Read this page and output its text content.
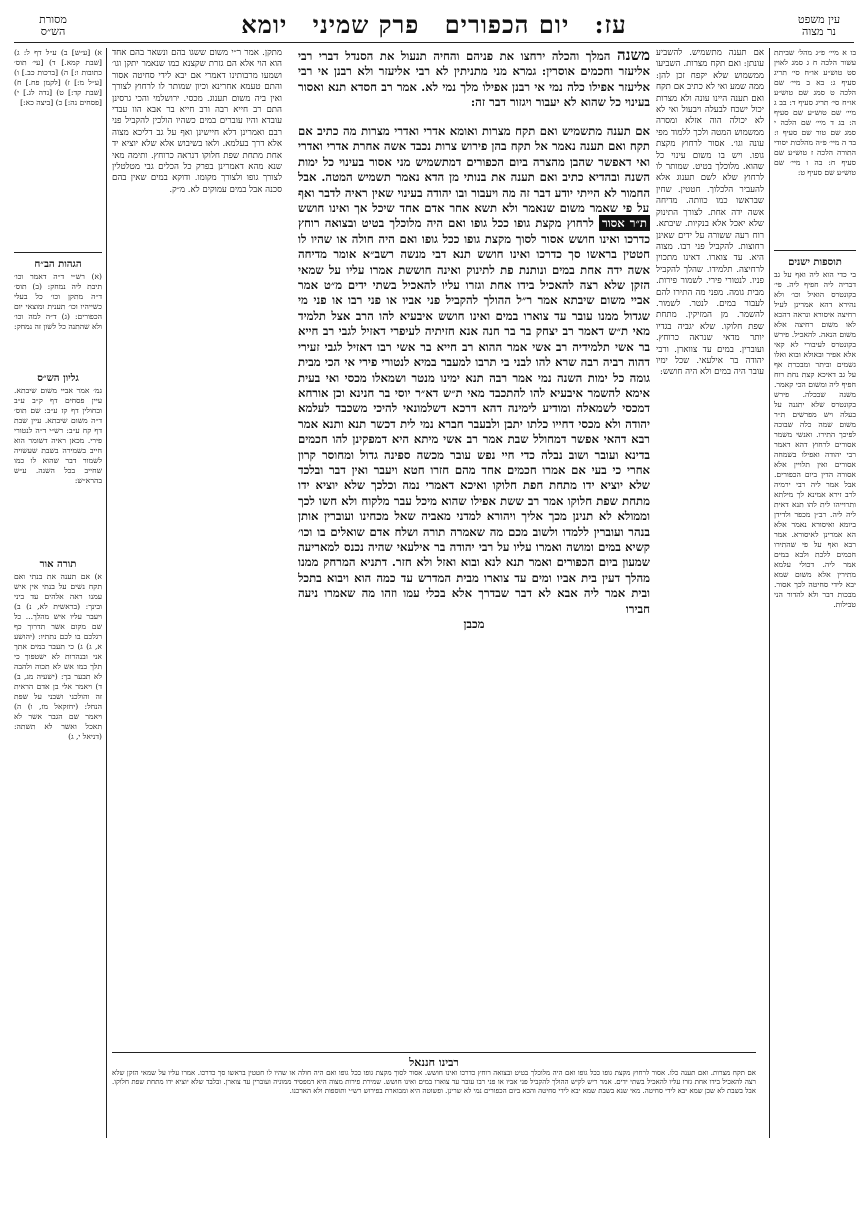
עין משפט
נר מצוה
עז: יום הכפורים פרק שמיני יומא
מסורת
הש״ס
בו א מיי׳ פ״ג מהל׳ שביתת עשור הלכה ח ג סמג לאוין סט טוש״ע או״ח סי׳ תריג סעיף ג: בא ב מיי׳ שם הלכה ט סמג שם טוש״ע או״ח סי׳ תריג סעיף ד: בב ג מיי׳ שם טוש״ע שם סעיף ה: בג ד מיי׳ שם הלכה י סמג שם טור שם סעיף ו: בד ה מיי׳ פ״ה מהלכות יסודי התורה הלכה ז טוש״ע שם סעיף ח: בה ו מיי׳ שם טוש״ע שם סעיף ט:
תוספות ישנים
בי כדי הוא ליה ואף על גב דבריה ליה חפיף ליה. פי׳ בקונטרס הואיל וכו׳ ולא נהירא דהא אמרינן לעיל רחיצה איסורא ונראה דהכא לאו משום רחיצה אלא משום הנאה. להאכיל. פירש בקונטרס לעיבורי לא קאי אלא אפיר ובאולא ובוא ואלו גשמים וביתר ומבכרת אף על גב דאיכא קצת נחת רוח חפיף ליה ומשום הכי קאמר. משנה שבכלה. פירש בקונטרס שלא יתגנה על בעלה ויש מפרשים ת״ר משום שמה כלה שבוכה לפיכך התירו. ואנשי משמר אסורים לרחוץ דהא דאמר רבי יהודה ואפילו בשמחה אסורים ואין תלויין אלא אסורה הדין ביום הכפורים. אבל אמר ליה רבי ירמיה לרב זירא אמינא לך מילתא ותרוייהו לית להו תנא דאית ליה ליה. רב״ן מכפר ולדידן ביומא ואיסורא נאמר אלא הא אמרינן לאיסורא. אמר רבא ואף על פי שהתירו חכמים ללכת ולבא במים אמר ליה. דכולי עלמא מתירין אלא משום שמא יבא לידי סחיטה לכך אסור. מבכות דבר ולא להדור הני טבילות.
א) [ע״ש] ב) ע״ל דף ל: ג) [שבת קמא.] ד) [עי׳ תוס׳ כתובות ו:] ה) [ברכות כב.] ו) [ע״ל מ:] ז) [לקמן פח.] ח) [שבת קד:] ט) [נדה לג.] י) [פסחים נה:] כ) [ביצה כא:]
הגהות הב״ח
(א) רש״י ד״ה דאמר וכו׳ תיבת ליה נמחק: (ב) תוס׳ ד״ה מתקן וכו׳ כל בעלי כשייהיו וכו׳ תענית ומוצאי יום הכפורים: (ג) ד״ה למה וכו׳ ולא שהתנה כל לשון זה נמחק:
גליון הש״ס
גמ׳ אמר אביי משום שיבתא. עיין פסחים דף ק״ב ע״ב ובחולין דף קז ע״ב: שם תוס׳ ד״ה משום שיבתא. עיין שבת דף קח ע״ב: רש״י ד״ה לנטורי פירי. מכאן ראיה דשומר הוא חייב בשמירה בשבת שעשויה לשמור דבר שהוא לו כמו שחייב בכל השנה. ע״ש בהרא״ש:
תורה אור
א) אם תענה את בנתי ואם תקח נשים על בנתי אין איש עמנו ראה אלהים עד ביני ובינך: (בראשית לא, נ) ב) ויעבר עליו איש מהלך... כל שם מקום אשר תדרוך כף רגלכם בו לכם נתתיו: (יהושע א, ג) ג) כי תעבר במים אתך אני ובנהרות לא ישטפוך כי תלך במו אש לא תכוה ולהבה לא תבער בך: (ישעיה מג, ב) ד) ויאמר אלי בן אדם הראית זה והולכני ושבני על שפת הנחל: (יחזקאל מז, ו) ה) ויאמר שם הגבר אשר לא תאכל ואשר לא תשתה: (דניאל י, ג)
אם תענה מתשמיש. להשביע עונתן: ואם תקח מצרות. השביעו ממשמוש שלא יקפח זכן להן: ממה שמע ואי לא כתיב אם תקח ואם תענה היינו עונה ולא מצרות יכול ישכח לבעלה ויבעול ואי לא לא יכולה הוה אזלא ומסרה ממשמוש המטה ולכך ללמוד מפי עונה וגו׳. אסור לרחוץ מקצת גופו. ויש בו משום עינוי כל שהוא. מלוכלך בטיט. שמותר לו לרחוץ שלא לשם תענוג אלא להעביר הלכלוך. חטטין. שחין שבראשו כמו כוותה. מדיחה אשה ידה אחת. לצורך התינוק שלא יאכל אלא בנקיות. שיבתא. רוח רעה ששורה על ידים שאינן רחוצות. להקביל פני רבו. מצוה היא. עד צוארו. דאינו מתכוין לרחיצה. תלמידו. שהלך להקביל פניו. לנטורי פירי. לשמור פירות. מבית גומה. מפני מה התירו להם לעבור במים. לנטר. לשמור. להשמר. מן המזיקין. מתחת שפת חלוקו. שלא יגביה בגדיו יותר מדאי שנראה כרוחץ. ועוברין. במים עד צווארן. ורבי יהודה בר אילעאי. שכל ימיו עובר היה במים ולא היה חושש:
מתקן. אמר ר״י משום ששגו בהם ונשאר בהם אחד הוא הוי אלא הם גזרת שקצנא כמו שנאמר יתקן וגו׳ ושמעו מרבותינו דאמרי אם יבא לידי סחיטה אסור והתם טעמא אחרינא וכיון שמותר לו לרחוץ לצורך ואין ביה משום תענוג. מכסי. ירושלמי והכי גרסינן התם רב חייא רבה ורב חייא בר אבא הוו עבדי עובדא והיו עוברים במים כשהיו הולכין להקביל פני רבם ואמרינן דלא חיישינן ואף על גב דליכא מצוה אלא דרך בעלמא. ולאו בשיבוש אלא שלא יוציא יד אחת מתחת שפת חלוקו דנראה כרוחץ. ותימה מאי שנא מהא דאמרינן בפרק כל הכלים גבי מטלטלין לצורך גופו ולצורך מקומו. ודוקא במים שאין בהם סכנה אבל במים עמוקים לא. מ״ק.
משנה המלך והכלה ירחצו את פניהם והחיה תנעול את הסנדל דברי רבי אליעזר וחכמים אוסרין: גמרא מני מתניתין לא רבי אליעזר ולא רבנן אי רבי אליעזר אפילו כלה נמי אי רבנן אפילו מלך נמי לא. אמר רב חסדא תנא ואסור בעינוי כל שהוא לא יעבור ויגזור דבר זה:
אם תענה מתשמיש ואם תקח מצרות ואומא אדרי ואדרי מצרות מה כתיב אם תקח ואם תענה נאמר אל תקח בהן פירוש צרות נכבד אשה אחרת אדרי ואדרי ואי דאפשר שהבן מהצרה ביום הכפורים דמתשמיש מני אסור בעינוי כל ימות השנה ובהדיא כתיב ואם תענה את בנותי מן הדא נאמר תשמיש המטה. אבל החמור לא הייתי יודע דבר זה מה ויעבור ובו יהודה בעינוי שאין ראיה לדבר ואף על פי שאמר משום שנאמר ולא תשא אחר אדם אחד שיכל אך ואינו חושש ת״ר אסור לרחוץ מקצת גופו ככל גופו ואם היה מלוכלך בטיט ובצואה רוחץ כדרכו ואינו חושש אסור לסוך מקצת גופו ככל גופו ואם היה חולה או שהיו לו חטטין בראשו סך כדרכו ואינו חושש תנא דבי מנשה רשב״א אומר מדיחה אשה ידה אחת במים ונותנת פת לתינוק ואינה חוששת אמרו עליו על שמאי הזקן שלא רצה להאכיל בידו אחת וגזרו עליו להאכיל בשתי ידים מ״ט אמר אביי משום שיבתא אמר ר״ל ההולך להקביל פני אביו או פני רבו או פני מי שגדול ממנו עובר עד צוארו במים ואינו חושש איבעיא להו הרב אצל תלמיד מאי ת״ש דאמר רב יצחק בר בר חנה אנא חזיתיה לעיפרי דאזיל לגבי רב חייא בר אשי תלמידיה רב אשי אמר ההוא רב חייא בר אשי רבו דאזיל לגבי זעירי דהוה רביה רבה שרא להו לבני בי תרבו למעבר במיא לנטורי פירי אי הכי מבית גומה כל ימות השנה נמי אמר רבה תנא ימינו מנטר ושמאלו מכסי ואי בעית אימא להשמר איבעיא להו להתכבד מאי ת״ש דא״ר יוסי בר חנינא וכן אורחא דמכסי לשמאלה ומודיע לימינה דהא דרכא דשלמונאי להיכי משכבד לעלמא יהודה ולא מכסי דחייו כלתו יתבן ולבעבר חברא נמי לית דכשר תנא ותנא אמר רבא דהאי אפשר דמחולל שבת אמר רב אשי מיתא היא דמפקינן להו חכמים בדינא ועובר ושוב נבלה כדי חיי נפש עובר מכשה ספינה גדול ומחוסר קרון אחרי כי בעי אם אמרו חכמים אחד מהם חזרו חטא ויעבר ואין דבר ובלכד שלא יוציא ידו מתחת חפת חלוקו ואיכא דאמרי נמה וכלכך שלא יוציא ידו מתחת שפת חלוקו אמר רב ששת אפילו שהוא מיכל עבר מלקוח ולא חשו לכך וממולא לא תנינן מכך אליך ויהורא למדני מאביה שאל מכחינו ועוברין אותן בנהר ועוברין ללמדו ולשוב מכם מה שאמרה תורה ושלח אדם שואלים בו וכו׳ קשיא במים ומושה ואמרו עליו על רבי יהודה בר אילעאי שהיה נכנס למאריעה שמעון ביום הכפורים ואמר תנא לנא ובוא ואזל ולא חזר. דתניא המרחק ממנו מהלך דעין בית אביו ומים עד צוארו מבית המדרש עד כמה הוא ויבוא בתכל ובית אמר ליה אבא לא דבר שבדרך אלא בכלי עמו וזהו מה שאמרו ניעה חבירו
מכבן
רבינו חננאל
אם תקח מצרות. ואם תענה כלו. אסור לרחוץ מקצת גופו ככל גופו ואם היה מלוכלך בטיט ובצואה רוחץ כדרכו ואינו חושש. אסור לסוך מקצת גופו ככל גופו ואם היה חולה או שהיו לו חטטין בראשו סך כדרכו. אמרו עליו על שמאי הזקן שלא רצה להאכיל בידו אחת גזרו עליו להאכיל בשתי ידים. אמר ריש לקיש ההולך להקביל פני אביו או פני רבו עובר עד צוארו במים ואינו חושש. שמירת פירות מצוה היא דמפסיד ממוניה ועוברין עד צוארן. ובלבד שלא יוציא ידו מתחת שפת חלוקו. אבל בשבת לא שכן שמא יבא לידי סחיטה. מאי שנא בשבת שמא יבא לידי סחיטה והכא ביום הכפורים נמי לא שרינן. ופשוטה היא ומבוארת בפירוש רש״י ותוספות ולא הארכנו.
